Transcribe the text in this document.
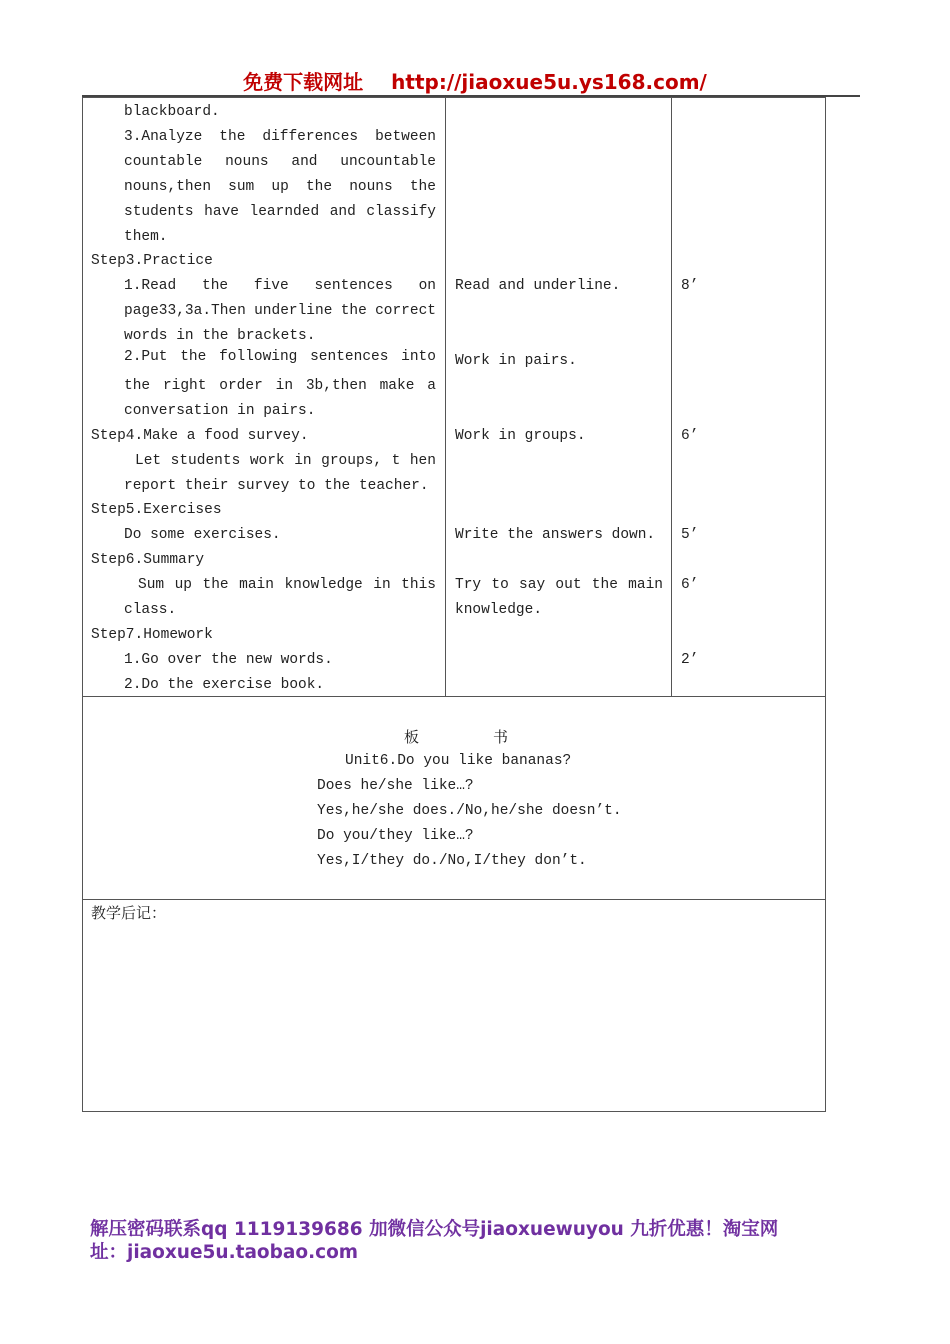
免费下载网址 http://jiaoxue5u.ys168.com/
blackboard.
3.Analyze the differences between
countable nouns and uncountable
nouns,then sum up the nouns the
students have learnded and classify
them.
Step3.Practice
1.Read the five sentences on
page33,3a.Then underline the correct
words in the brackets.
2.Put the following sentences into
the right order in 3b,then make a
conversation in pairs.
Step4.Make a food survey.
Let students work in groups, t hen
report their survey to the teacher.
Step5.Exercises
Do some exercises.
Step6.Summary
Sum up the main knowledge in this
class.
Step7.Homework
1.Go over the new words.
2.Do the exercise book.
Read and underline.
Work in pairs.
Work in groups.
Write the answers down.
Try to say out the main
knowledge.
8’
6’
5’
6’
2’
板	书
Unit6.Do you like bananas?
Does he/she like…?
Yes,he/she does./No,he/she doesn’t.
Do you/they like…?
Yes,I/they do./No,I/they don’t.
教学后记：
解压密码联系qq 1119139686 加微信公众号jiaoxuewuyou 九折优惠！淘宝网
址：jiaoxue5u.taobao.com
